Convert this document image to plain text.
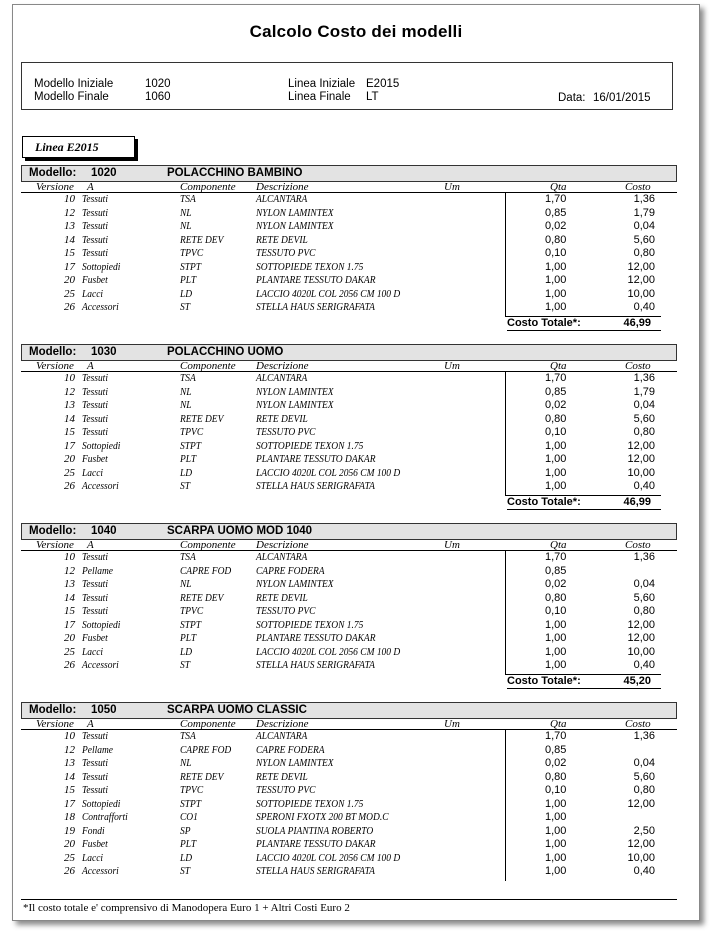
Calcolo Costo dei modelli
Modello Iniziale	1020
Modello Finale	1060
Linea Iniziale E2015
Linea Finale LT	Data: 16/01/2015
Linea E2015
Modello: 1020	POLACCHINO BAMBINO
Versione A	Componente Descrizione	Um	Qta	Costo
10 Tessuti	TSA	ALCANTARA	1,70	1,36
12 Tessuti	NL	NYLON LAMINTEX	0,85	1,79
13 Tessuti	NL	NYLON LAMINTEX	0,02	0,04
14 Tessuti	RETE DEV	RETE DEVIL	0,80	5,60
15 Tessuti	TPVC	TESSUTO PVC	0,10	0,80
17 Sottopiedi	STPT	SOTTOPIEDE TEXON 1.75	1,00	12,00
20 Fusbet	PLT	PLANTARE TESSUTO DAKAR	1,00	12,00
25 Lacci	LD	LACCIO 4020L COL 2056 CM 100 D	1,00	10,00
26 Accessori	ST	STELLA HAUS SERIGRAFATA	1,00	0,40
Costo Totale*:	46,99
Modello: 1030	POLACCHINO UOMO
Versione A	Componente Descrizione	Um	Qta	Costo
10 Tessuti	TSA	ALCANTARA	1,70	1,36
12 Tessuti	NL	NYLON LAMINTEX	0,85	1,79
13 Tessuti	NL	NYLON LAMINTEX	0,02	0,04
14 Tessuti	RETE DEV	RETE DEVIL	0,80	5,60
15 Tessuti	TPVC	TESSUTO PVC	0,10	0,80
17 Sottopiedi	STPT	SOTTOPIEDE TEXON 1.75	1,00	12,00
20 Fusbet	PLT	PLANTARE TESSUTO DAKAR	1,00	12,00
25 Lacci	LD	LACCIO 4020L COL 2056 CM 100 D	1,00	10,00
26 Accessori	ST	STELLA HAUS SERIGRAFATA	1,00	0,40
Costo Totale*:	46,99
Modello: 1040	SCARPA UOMO MOD 1040
Versione A	Componente Descrizione	Um	Qta	Costo
10 Tessuti	TSA	ALCANTARA	1,70	1,36
12 Pellame	CAPRE FOD	CAPRE FODERA	0,85
13 Tessuti	NL	NYLON LAMINTEX	0,02	0,04
14 Tessuti	RETE DEV	RETE DEVIL	0,80	5,60
15 Tessuti	TPVC	TESSUTO PVC	0,10	0,80
17 Sottopiedi	STPT	SOTTOPIEDE TEXON 1.75	1,00	12,00
20 Fusbet	PLT	PLANTARE TESSUTO DAKAR	1,00	12,00
25 Lacci	LD	LACCIO 4020L COL 2056 CM 100 D	1,00	10,00
26 Accessori	ST	STELLA HAUS SERIGRAFATA	1,00	0,40
Costo Totale*:	45,20
Modello: 1050	SCARPA UOMO CLASSIC
Versione A	Componente Descrizione	Um	Qta	Costo
10 Tessuti	TSA	ALCANTARA	1,70	1,36
12 Pellame	CAPRE FOD	CAPRE FODERA	0,85
13 Tessuti	NL	NYLON LAMINTEX	0,02	0,04
14 Tessuti	RETE DEV	RETE DEVIL	0,80	5,60
15 Tessuti	TPVC	TESSUTO PVC	0,10	0,80
17 Sottopiedi	STPT	SOTTOPIEDE TEXON 1.75	1,00	12,00
18 Contrafforti	CO1	SPERONI FXOTX 200 BT MOD.C	1,00
19 Fondi	SP	SUOLA PIANTINA ROBERTO	1,00	2,50
20 Fusbet	PLT	PLANTARE TESSUTO DAKAR	1,00	12,00
25 Lacci	LD	LACCIO 4020L COL 2056 CM 100 D	1,00	10,00
26 Accessori	ST	STELLA HAUS SERIGRAFATA	1,00	0,40
*Il costo totale e' comprensivo di Manodopera Euro 1 + Altri Costi Euro 2
